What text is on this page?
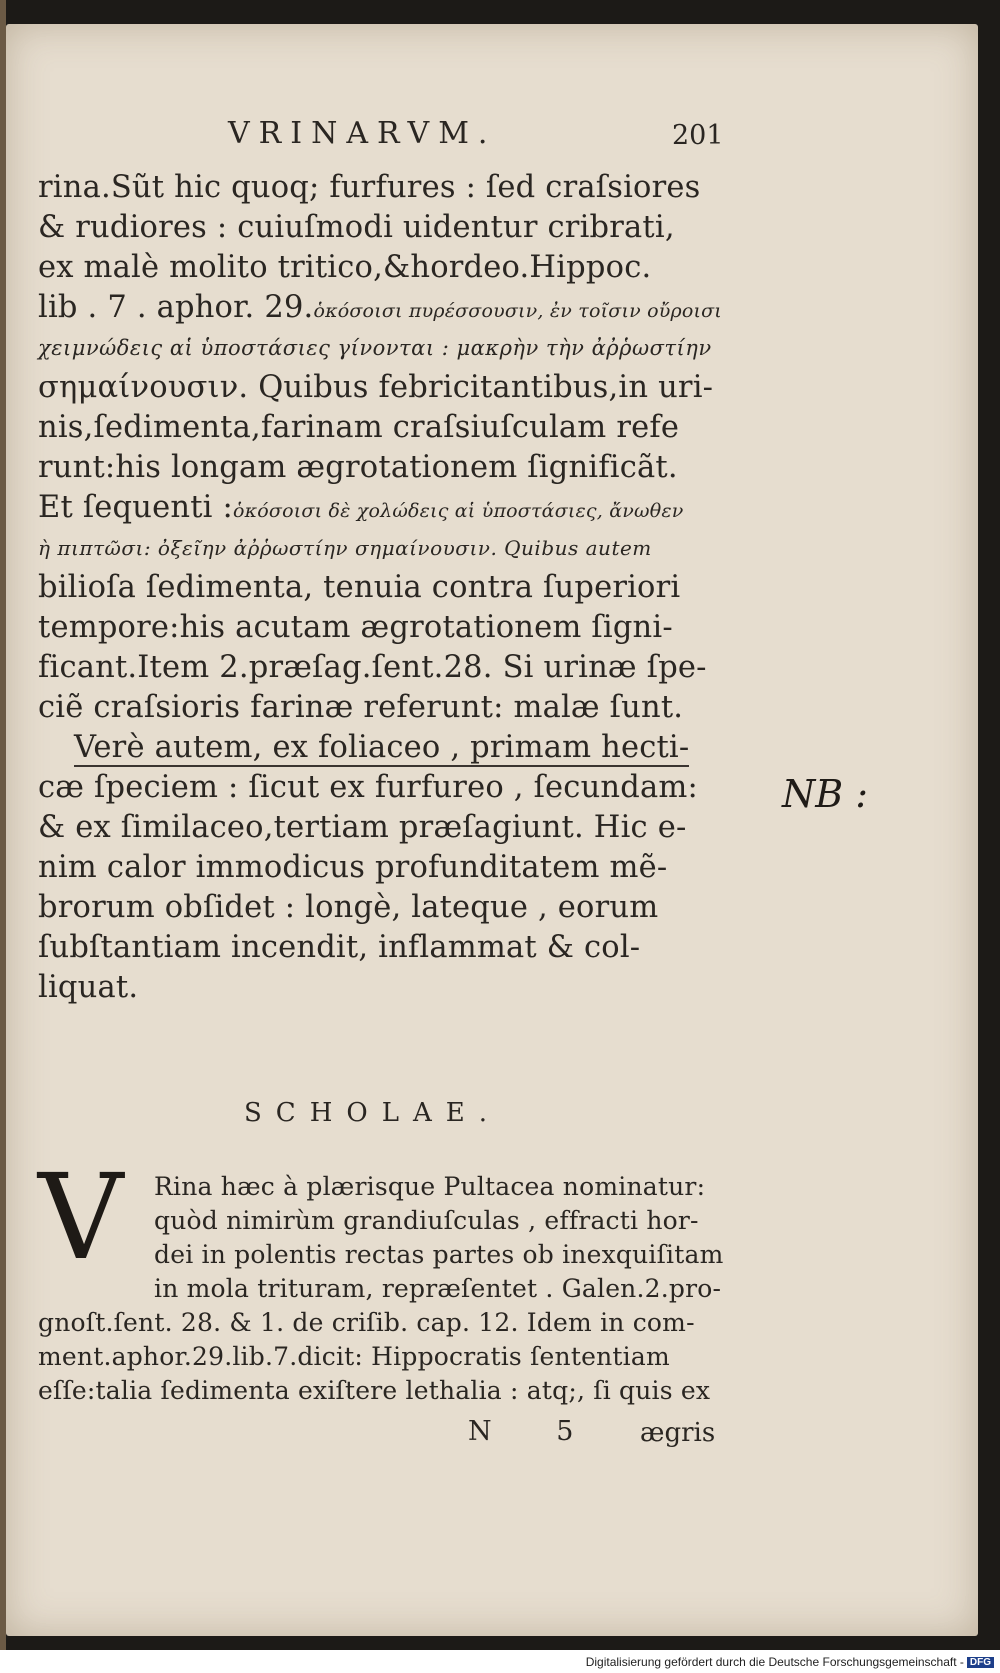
VRINARVM.	201
rina.Sũt hic quoq; furfures : ſed craſsiores
& rudiores : cuiuſmodi uidentur cribrati,
ex malè molito tritico,&hordeo.Hippoc.
lib . 7 . aphor. 29.ὁκόσοισι πυρέσσουσιν, ἐν τοῖσιν οὔροισι
χειμνώδεις αἱ ὑποστάσιες γίνονται : μακρὴν τὴν ἀῤῥωστίην
σημαίνουσιν. Quibus febricitantibus,in uri-
nis,ſedimenta,farinam craſsiuſculam refe
runt:his longam ægrotationem ſignificãt.
Et ſequenti :ὁκόσοισι δὲ χολώδεις αἱ ὑποστάσιες, ἄνωθεν
ὴ πιπτῶσι: ὀξεῖην ἀῤῥωστίην σημαίνουσιν. Quibus autem
bilioſa ſedimenta, tenuia contra ſuperiori
tempore:his acutam ægrotationem ſigni-
ficant.Item 2.præſag.ſent.28. Si urinæ ſpe-
ciẽ craſsioris farinæ referunt: malæ ſunt.
Verè autem, ex foliaceo , primam hecti-
cæ ſpeciem : ſicut ex furfureo , ſecundam:
& ex ſimilaceo,tertiam præſagiunt. Hic e-
nim calor immodicus profunditatem mẽ-
brorum obſidet : longè, lateque , eorum
ſubſtantiam incendit, inflammat & col-
liquat.
NB :
SCHOLAE.
V	Rina hæc à plærisque Pultacea nominatur:
quòd nimirùm grandiuſculas , effracti hor-
dei in polentis rectas partes ob inexquiſitam
in mola trituram, repræſentet . Galen.2.pro-
gnoſt.ſent. 28. & 1. de criſib. cap. 12. Idem in com-
ment.aphor.29.lib.7.dicit: Hippocratis ſententiam
eſſe:talia ſedimenta exiſtere lethalia : atq;, ſi quis ex
N 5 ægris
Digitalisierung gefördert durch die Deutsche Forschungsgemeinschaft - DFG
